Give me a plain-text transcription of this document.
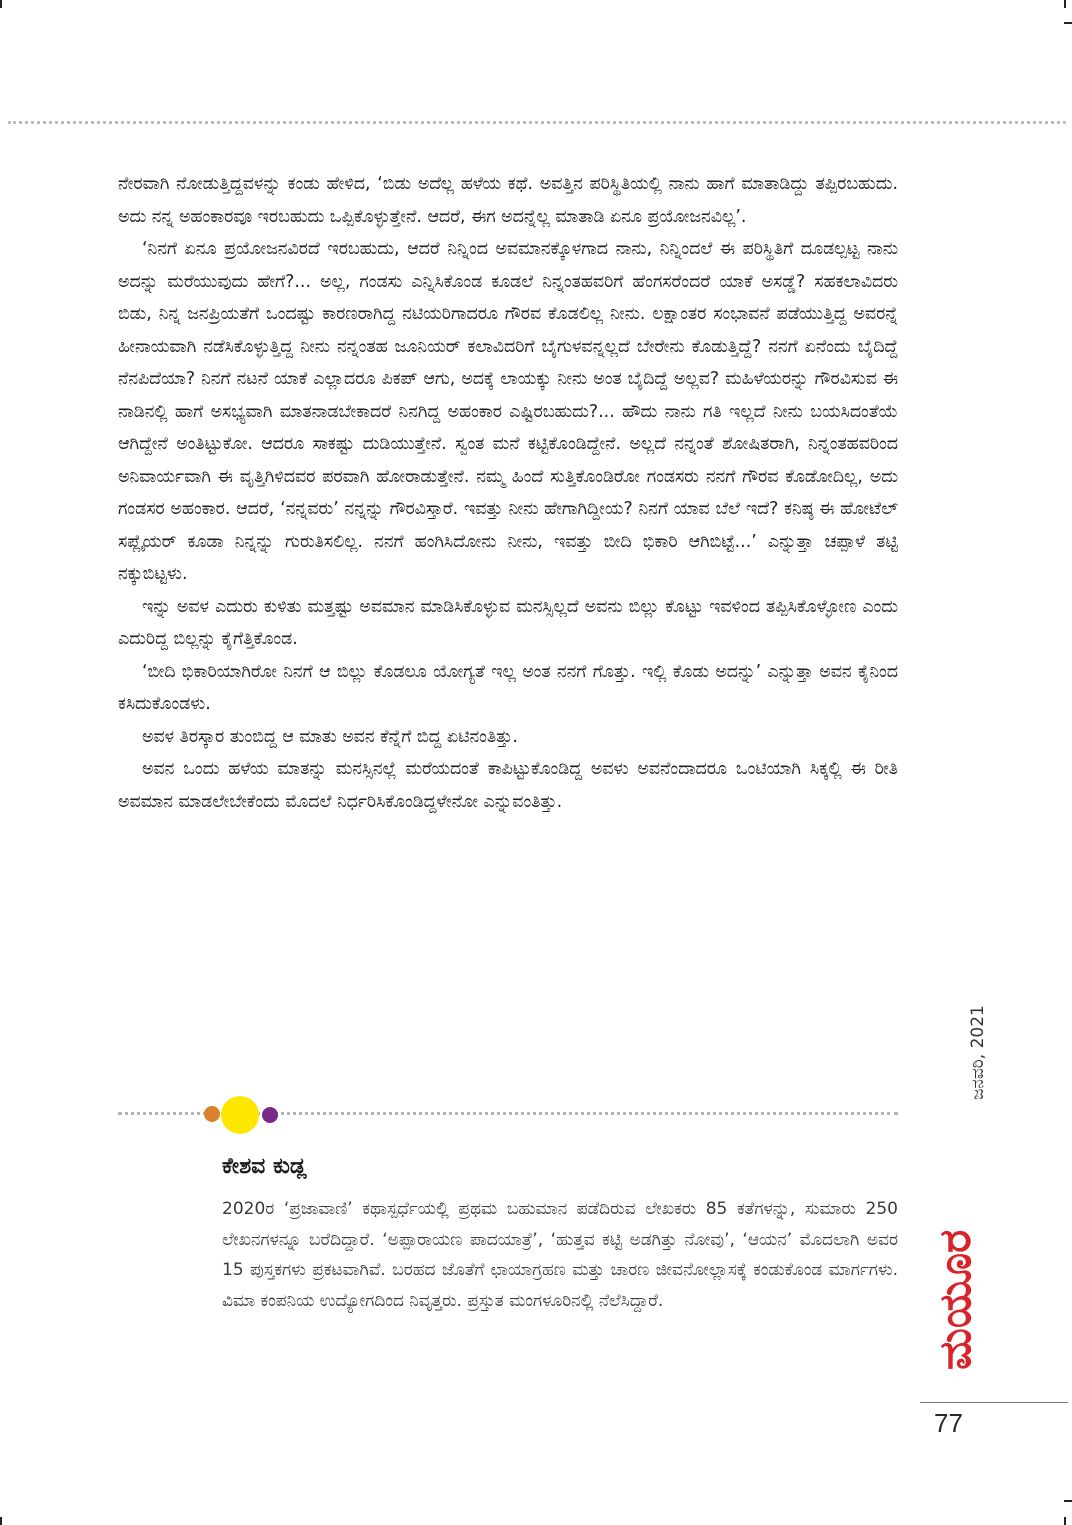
ನೇರವಾಗಿ ನೋಡುತ್ತಿದ್ದವಳನ್ನು ಕಂಡು ಹೇಳಿದ, ‘ಬಿಡು ಅದೆಲ್ಲ ಹಳೆಯ ಕಥೆ. ಅವತ್ತಿನ ಪರಿಸ್ಥಿತಿಯಲ್ಲಿ ನಾನು ಹಾಗೆ ಮಾತಾಡಿದ್ದು ತಪ್ಪಿರಬಹುದು. ಅದು ನನ್ನ ಅಹಂಕಾರವೂ ಇರಬಹುದು ಒಪ್ಪಿಕೊಳ್ಳುತ್ತೇನೆ. ಆದರೆ, ಈಗ ಅದನ್ನೆಲ್ಲ ಮಾತಾಡಿ ಏನೂ ಪ್ರಯೋಜನವಿಲ್ಲ’.

‘ನಿನಗೆ ಏನೂ ಪ್ರಯೋಜನವಿರದೆ ಇರಬಹುದು, ಆದರೆ ನಿನ್ನಿಂದ ಅವಮಾನಕ್ಕೊಳಗಾದ ನಾನು, ನಿನ್ನಿಂದಲೆ ಈ ಪರಿಸ್ಥಿತಿಗೆ ದೂಡಲ್ಪಟ್ಟ ನಾನು ಅದನ್ನು ಮರೆಯುವುದು ಹೇಗೆ?... ಅಲ್ಲ, ಗಂಡಸು ಎನ್ನಿಸಿಕೊಂಡ ಕೂಡಲೆ ನಿನ್ನಂತಹವರಿಗೆ ಹೆಂಗಸರೆಂದರೆ ಯಾಕೆ ಅಸಡ್ಡೆ? ಸಹಕಲಾವಿದರು ಬಿಡು, ನಿನ್ನ ಜನಪ್ರಿಯತೆಗೆ ಒಂದಷ್ಟು ಕಾರಣರಾಗಿದ್ದ ನಟಿಯರಿಗಾದರೂ ಗೌರವ ಕೊಡಲಿಲ್ಲ ನೀನು. ಲಕ್ಷಾಂತರ ಸಂಭಾವನೆ ಪಡೆಯುತ್ತಿದ್ದ ಅವರನ್ನೆ ಹೀನಾಯವಾಗಿ ನಡೆಸಿಕೊಳ್ಳುತ್ತಿದ್ದ ನೀನು ನನ್ನಂತಹ ಜೂನಿಯರ್ ಕಲಾವಿದರಿಗೆ ಬೈಗುಳವನ್ನಲ್ಲದೆ ಬೇರೇನು ಕೊಡುತ್ತಿದ್ದೆ? ನನಗೆ ಏನೆಂದು ಬೈದಿದ್ದೆ ನೆನಪಿದೆಯಾ? ನಿನಗೆ ನಟನೆ ಯಾಕೆ ಎಲ್ಲಾದರೂ ಪಿಕಪ್ ಆಗು, ಅದಕ್ಕೆ ಲಾಯಕ್ಕು ನೀನು ಅಂತ ಬೈದಿದ್ದೆ ಅಲ್ಲವ? ಮಹಿಳೆಯರನ್ನು ಗೌರವಿಸುವ ಈ ನಾಡಿನಲ್ಲಿ ಹಾಗೆ ಅಸಭ್ಯವಾಗಿ ಮಾತನಾಡಬೇಕಾದರೆ ನಿನಗಿದ್ದ ಅಹಂಕಾರ ಎಷ್ಟಿರಬಹುದು?... ಹೌದು ನಾನು ಗತಿ ಇಲ್ಲದೆ ನೀನು ಬಯಸಿದಂತೆಯೆ ಆಗಿದ್ದೇನೆ ಅಂತಿಟ್ಟುಕೋ. ಆದರೂ ಸಾಕಷ್ಟು ದುಡಿಯುತ್ತೇನೆ. ಸ್ವಂತ ಮನೆ ಕಟ್ಟಿಕೊಂಡಿದ್ದೇನೆ. ಅಲ್ಲದೆ ನನ್ನಂತೆ ಶೋಷಿತರಾಗಿ, ನಿನ್ನಂತಹವರಿಂದ ಅನಿವಾರ್ಯವಾಗಿ ಈ ವೃತ್ತಿಗಿಳಿದವರ ಪರವಾಗಿ ಹೋರಾಡುತ್ತೇನೆ. ನಮ್ಮ ಹಿಂದೆ ಸುತ್ತಿಕೊಂಡಿರೋ ಗಂಡಸರು ನನಗೆ ಗೌರವ ಕೊಡೋದಿಲ್ಲ, ಅದು ಗಂಡಸರ ಅಹಂಕಾರ. ಆದರೆ, ‘ನನ್ನವರು’ ನನ್ನನ್ನು ಗೌರವಿಸ್ತಾರೆ. ಇವತ್ತು ನೀನು ಹೇಗಾಗಿದ್ದೀಯ? ನಿನಗೆ ಯಾವ ಬೆಲೆ ಇದೆ? ಕನಿಷ್ಠ ಈ ಹೋಟೆಲ್ ಸಪ್ಲೈಯರ್ ಕೂಡಾ ನಿನ್ನನ್ನು ಗುರುತಿಸಲಿಲ್ಲ. ನನಗೆ ಹಂಗಿಸಿದೋನು ನೀನು, ಇವತ್ತು ಬೀದಿ ಭಿಕಾರಿ ಆಗಿಬಿಟ್ಟೆ...’ ಎನ್ನುತ್ತಾ ಚಪ್ಪಾಳೆ ತಟ್ಟಿ ನಕ್ಕುಬಿಟ್ಟಳು.

ಇನ್ನು ಅವಳ ಎದುರು ಕುಳಿತು ಮತ್ತಷ್ಟು ಅವಮಾನ ಮಾಡಿಸಿಕೊಳ್ಳುವ ಮನಸ್ಸಿಲ್ಲದೆ ಅವನು ಬಿಲ್ಲು ಕೊಟ್ಟು ಇವಳಿಂದ ತಪ್ಪಿಸಿಕೊಳ್ಳೋಣ ಎಂದು ಎದುರಿದ್ದ ಬಿಲ್ಲನ್ನು ಕೈಗೆತ್ತಿಕೊಂಡ.

‘ಬೀದಿ ಭಿಕಾರಿಯಾಗಿರೋ ನಿನಗೆ ಆ ಬಿಲ್ಲು ಕೊಡಲೂ ಯೋಗ್ಯತೆ ಇಲ್ಲ ಅಂತ ನನಗೆ ಗೊತ್ತು. ಇಲ್ಲಿ ಕೊಡು ಅದನ್ನು’ ಎನ್ನುತ್ತಾ ಅವನ ಕೈನಿಂದ ಕಸಿದುಕೊಂಡಳು.

ಅವಳ ತಿರಸ್ಕಾರ ತುಂಬಿದ್ದ ಆ ಮಾತು ಅವನ ಕೆನ್ನೆಗೆ ಬಿದ್ದ ಏಟಿನಂತಿತ್ತು.

ಅವನ ಒಂದು ಹಳೆಯ ಮಾತನ್ನು ಮನಸ್ಸಿನಲ್ಲೆ ಮರೆಯದಂತೆ ಕಾಪಿಟ್ಟುಕೊಂಡಿದ್ದ ಅವಳು ಅವನೆಂದಾದರೂ ಒಂಟಿಯಾಗಿ ಸಿಕ್ಕಲ್ಲಿ ಈ ರೀತಿ ಅವಮಾನ ಮಾಡಲೇಬೇಕೆಂದು ಮೊದಲೆ ನಿರ್ಧರಿಸಿಕೊಂಡಿದ್ದಳೇನೋ ಎನ್ನುವಂತಿತ್ತು.

ಕೇಶವ ಕುಡ್ಲ
2020ರ ‘ಪ್ರಜಾವಾಣಿ’ ಕಥಾಸ್ಪರ್ಧೆಯಲ್ಲಿ ಪ್ರಥಮ ಬಹುಮಾನ ಪಡೆದಿರುವ ಲೇಖಕರು 85 ಕತೆಗಳನ್ನು, ಸುಮಾರು 250 ಲೇಖನಗಳನ್ನೂ ಬರೆದಿದ್ದಾರೆ. ‘ಅಪ್ಪಾರಾಯಣ ಪಾದಯಾತ್ರೆ’, ‘ಹುತ್ತವ ಕಟ್ಟಿ ಅಡಗಿತ್ತು ನೋವು’, ‘ಆಯನ’ ಮೊದಲಾಗಿ ಅವರ 15 ಪುಸ್ತಕಗಳು ಪ್ರಕಟವಾಗಿವೆ. ಬರಹದ ಜೊತೆಗೆ ಛಾಯಾಗ್ರಹಣ ಮತ್ತು ಚಾರಣ ಜೀವನೋಲ್ಲಾಸಕ್ಕೆ ಕಂಡುಕೊಂಡ ಮಾರ್ಗಗಳು. ವಿಮಾ ಕಂಪನಿಯ ಉದ್ಯೋಗದಿಂದ ನಿವೃತ್ತರು. ಪ್ರಸ್ತುತ ಮಂಗಳೂರಿನಲ್ಲಿ ನೆಲೆಸಿದ್ದಾರೆ.
ಜನವರಿ, 2021
ಮಯೂರ
77
